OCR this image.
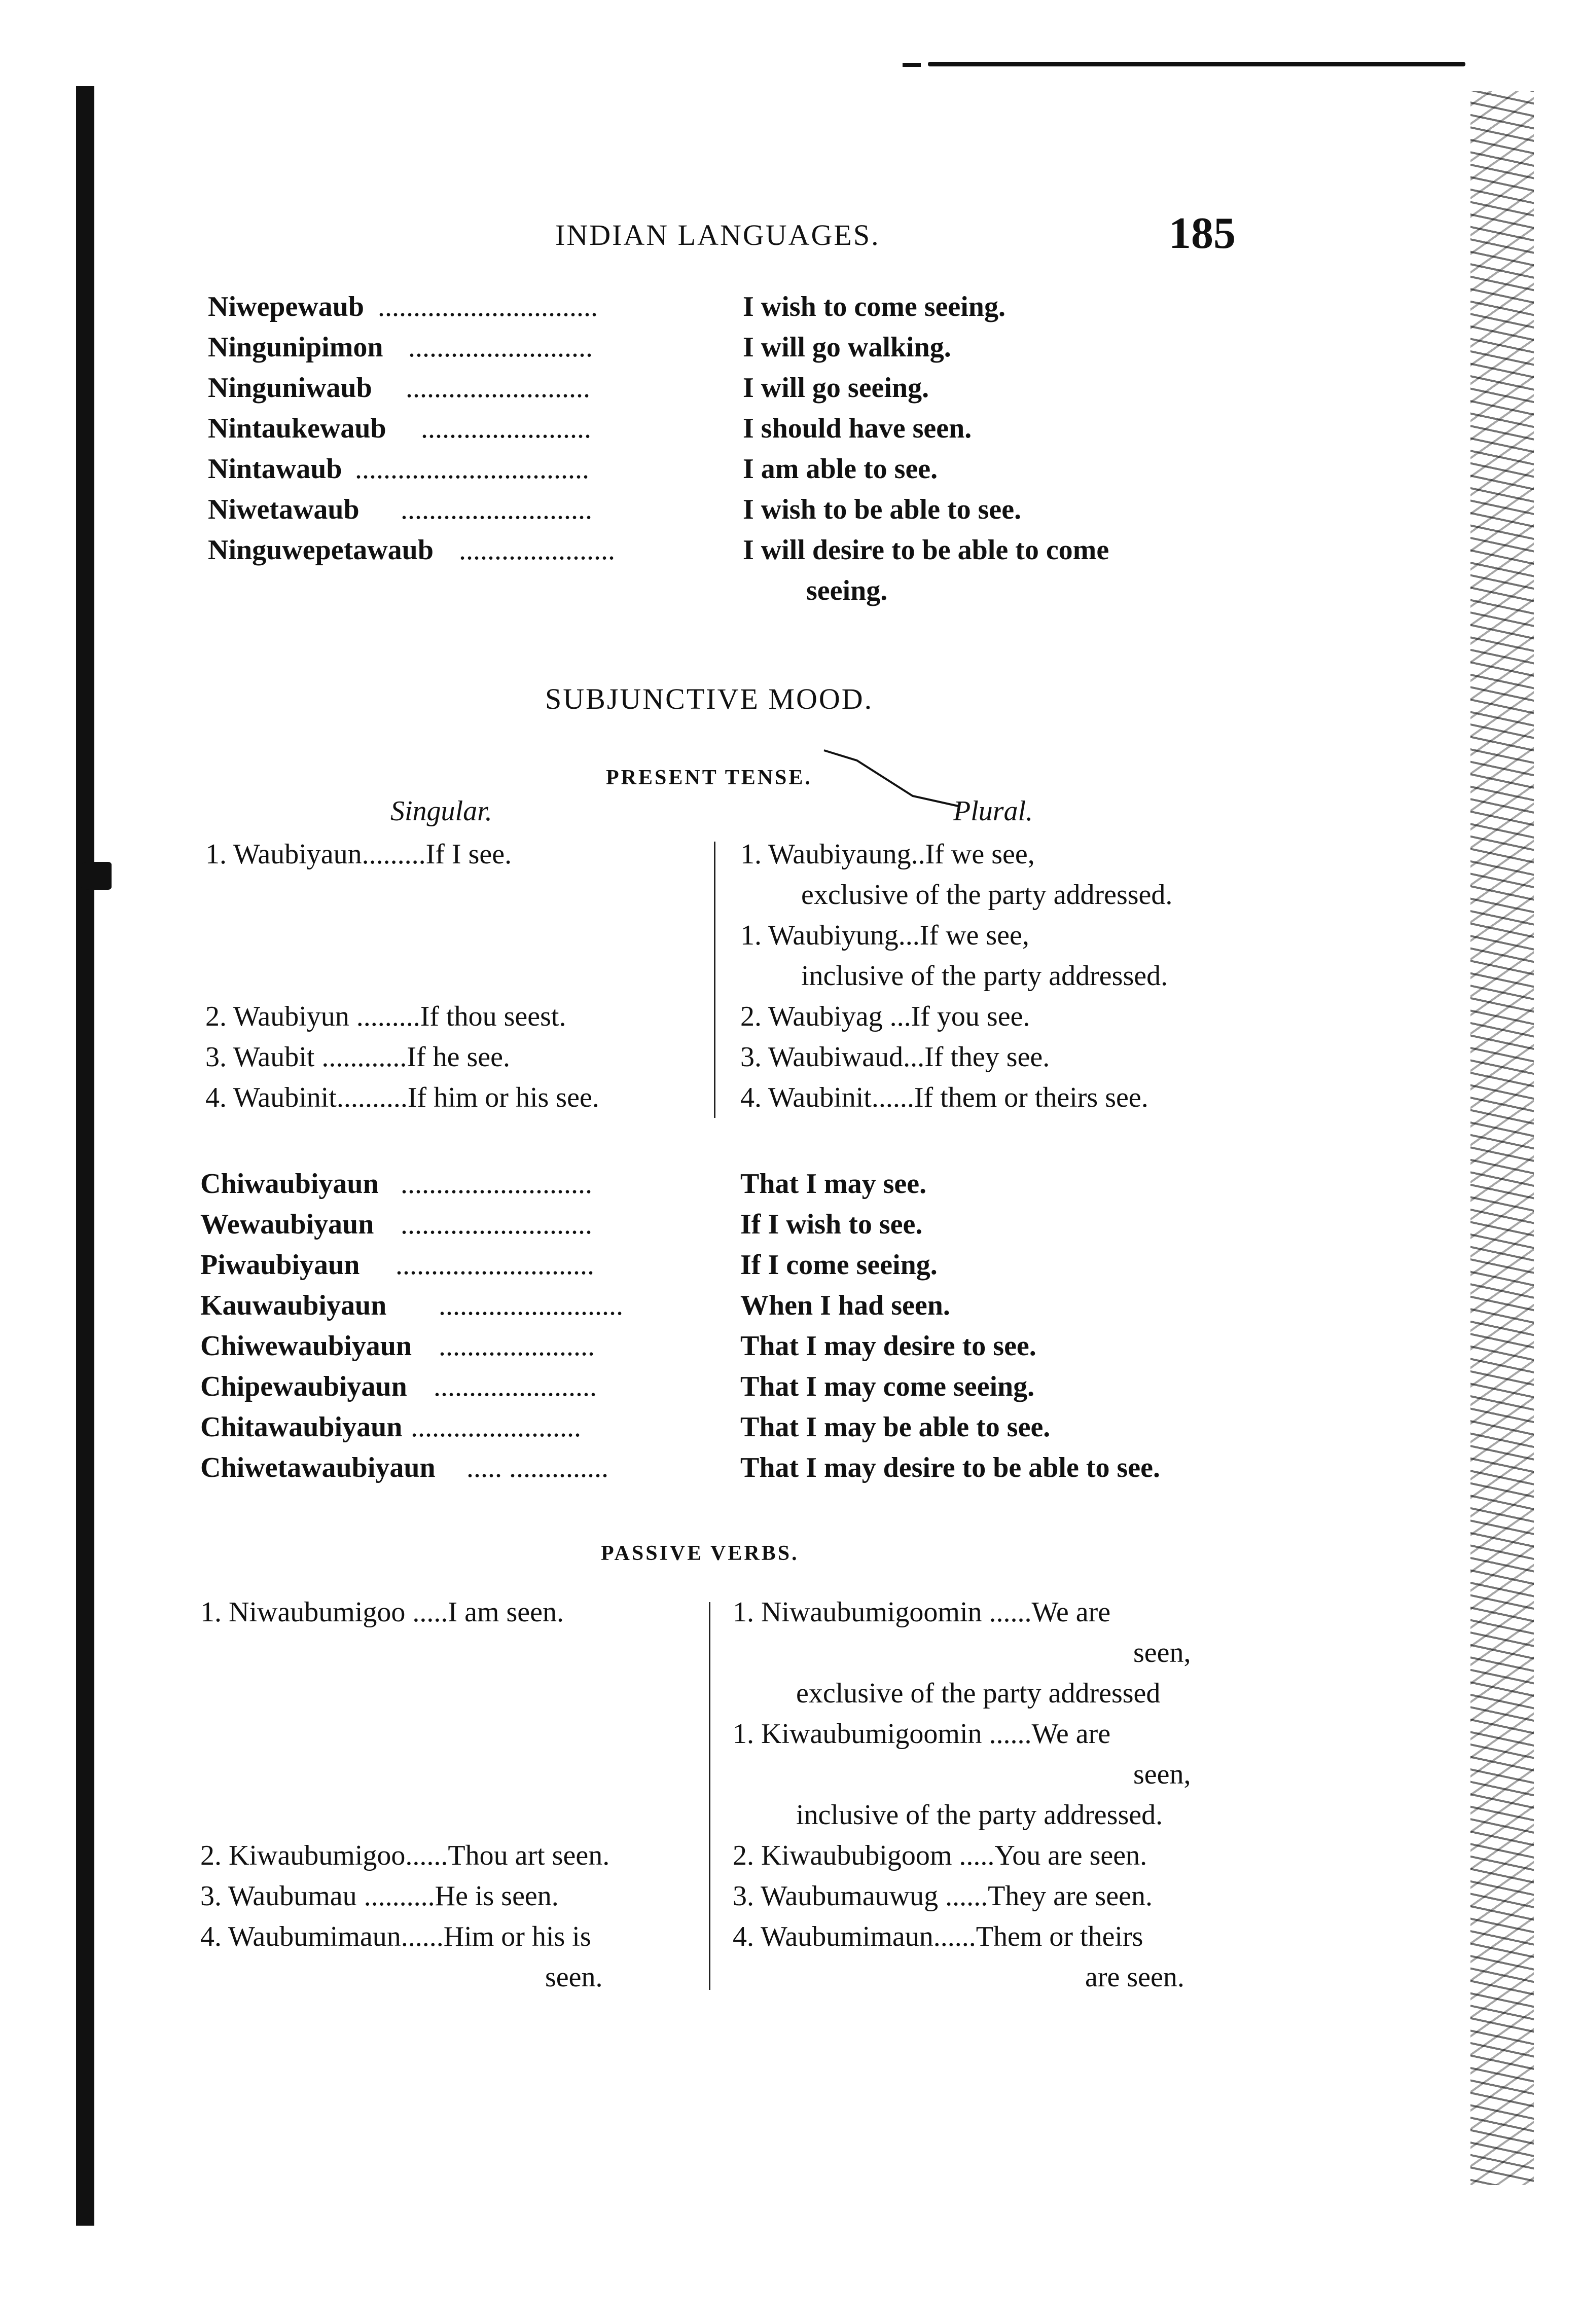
INDIAN LANGUAGES.	185
Niwepewaub ...............................	I wish to come seeing.
Ningunipimon ..........................	I will go walking.
Ninguniwaub ..........................	I will go seeing.
Nintaukewaub ........................	I should have seen.
Nintawaub .................................	I am able to see.
Niwetawaub ...........................	I wish to be able to see.
Ninguwepetawaub ......................	I will desire to be able to come
seeing.
SUBJUNCTIVE MOOD.
PRESENT TENSE.
Singular.	Plural.
1. Waubiyaun.........If I see.
2. Waubiyun .........If thou seest.
3. Waubit ............If he see.
4. Waubinit..........If him or his see.
1. Waubiyaung..If we see,
exclusive of the party addressed.
1. Waubiyung...If we see,
inclusive of the party addressed.
2. Waubiyag ...If you see.
3. Waubiwaud...If they see.
4. Waubinit......If them or theirs see.
Chiwaubiyaun ...........................	That I may see.
Wewaubiyaun ...........................	If I wish to see.
Piwaubiyaun ............................	If I come seeing.
Kauwaubiyaun ..........................	When I had seen.
Chiwewaubiyaun ......................	That I may desire to see.
Chipewaubiyaun .......................	That I may come seeing.
Chitawaubiyaun ........................	That I may be able to see.
Chiwetawaubiyaun ..... ..............	That I may desire to be able to see.
PASSIVE VERBS.
1. Niwaubumigoo .....I am seen.
2. Kiwaubumigoo......Thou art seen.
3. Waubumau ..........He is seen.
4. Waubumimaun......Him or his is
seen.
1. Niwaubumigoomin ......We are
seen,
exclusive of the party addressed
1. Kiwaubumigoomin ......We are
seen,
inclusive of the party addressed.
2. Kiwaububigoom .....You are seen.
3. Waubumauwug ......They are seen.
4. Waubumimaun......Them or theirs
are seen.
